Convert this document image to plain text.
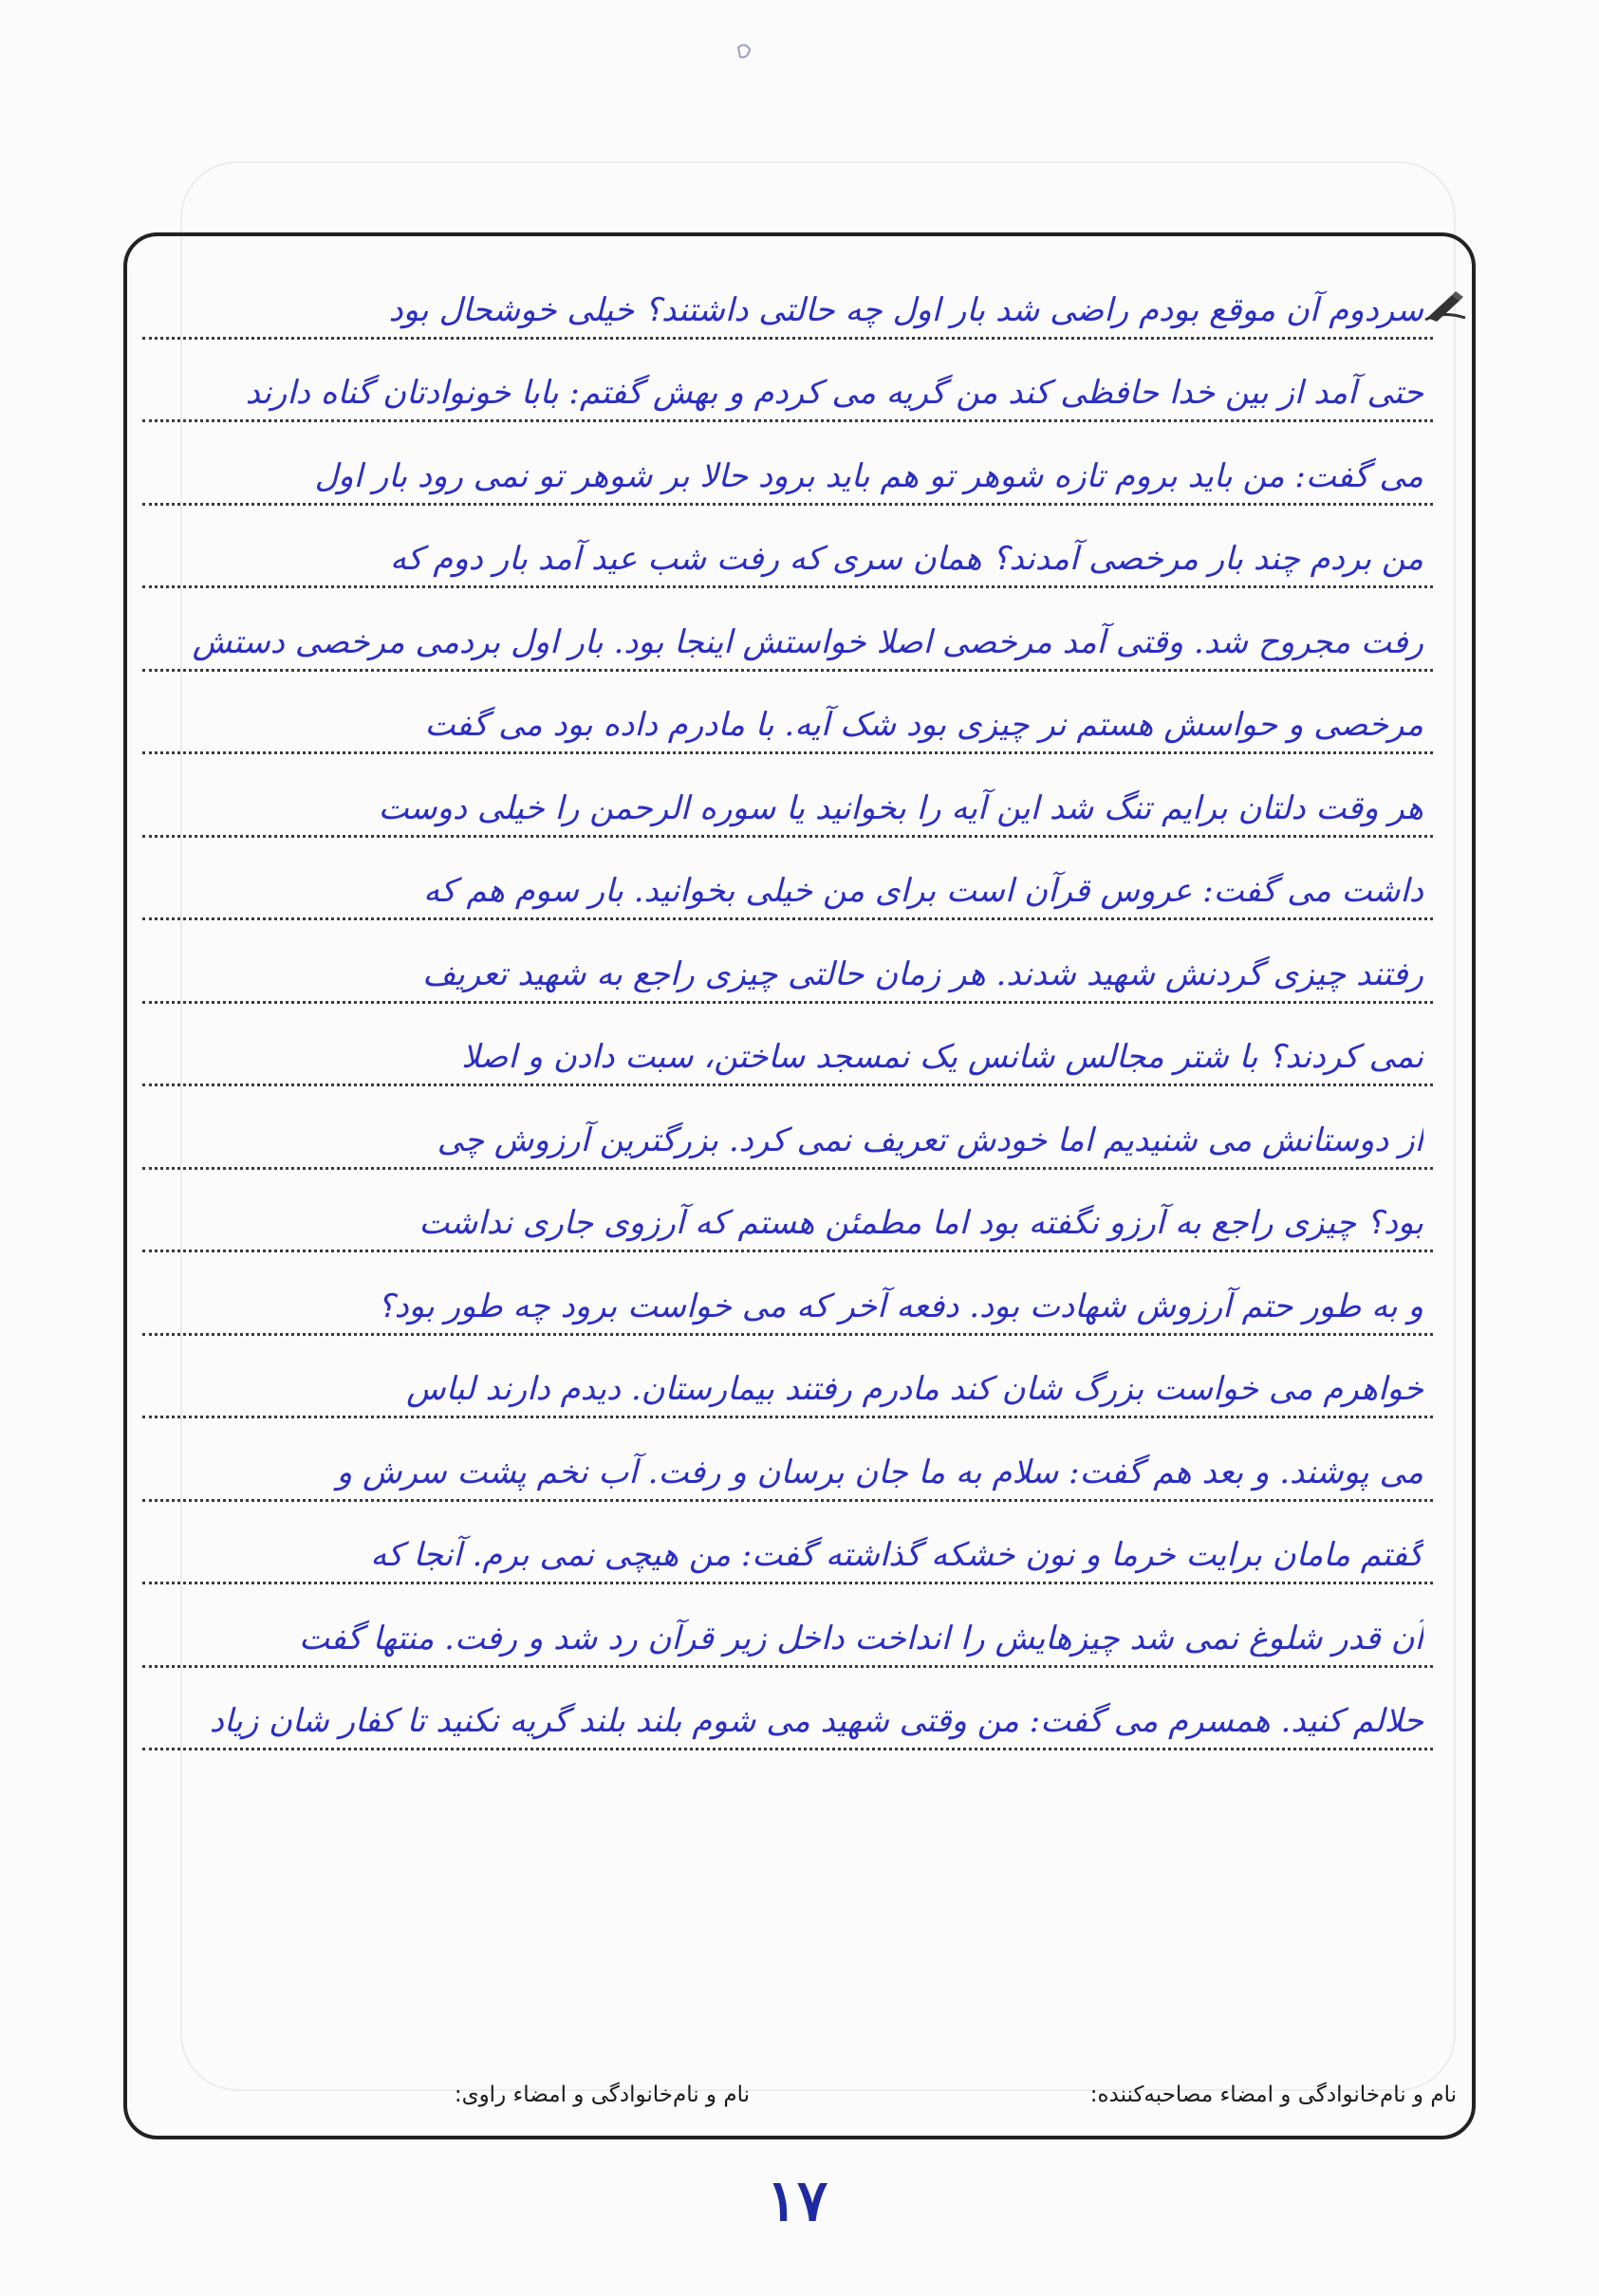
سردوم آن موقع بودم راضی شد بار اول چه حالتی داشتند؟ خیلی خوشحال بود
حتی آمد از بین خدا حافظی کند من گریه می کردم و بهش گفتم: بابا خونوادتان گناه دارند
می گفت: من باید بروم تازه شوهر تو هم باید برود حالا بر شوهر تو نمی رود بار اول
من بردم چند بار مرخصی آمدند؟ همان سری که رفت شب عید آمد بار دوم که
رفت مجروح شد. وقتی آمد مرخصی اصلا خواستش اینجا بود. بار اول بردمی مرخصی دستش
مرخصی و حواسش هستم نر چیزی بود شک آیه. با مادرم داده بود می گفت
هر وقت دلتان برایم تنگ شد این آیه را بخوانید یا سوره الرحمن را خیلی دوست
داشت می گفت: عروس قرآن است برای من خیلی بخوانید. بار سوم هم که
رفتند چیزی گردنش شهید شدند. هر زمان حالتی چیزی راجع به شهید تعریف
نمی کردند؟ با شتر مجالس شانس یک نمسجد ساختن، سبت دادن و اصلا
از دوستانش می شنیدیم اما خودش تعریف نمی کرد. بزرگترین آرزوش چی
بود؟ چیزی راجع به آرزو نگفته بود اما مطمئن هستم که آرزوی جاری نداشت
و به طور حتم آرزوش شهادت بود. دفعه آخر که می خواست برود چه طور بود؟
خواهرم می خواست بزرگ شان کند مادرم رفتند بیمارستان. دیدم دارند لباس
می پوشند. و بعد هم گفت: سلام به ما جان برسان و رفت. آب نخم پشت سرش و
گفتم مامان برایت خرما و نون خشکه گذاشته گفت: من هیچی نمی برم. آنجا که
آن قدر شلوغ نمی شد چیزهایش را انداخت داخل زیر قرآن رد شد و رفت. منتها گفت
حلالم کنید. همسرم می گفت: من وقتی شهید می شوم بلند بلند گریه نکنید تا کفار شان زیاد
نام و نام‌خانوادگی و امضاء مصاحبه‌کننده:
نام و نام‌خانوادگی و امضاء راوی:
۱۷
